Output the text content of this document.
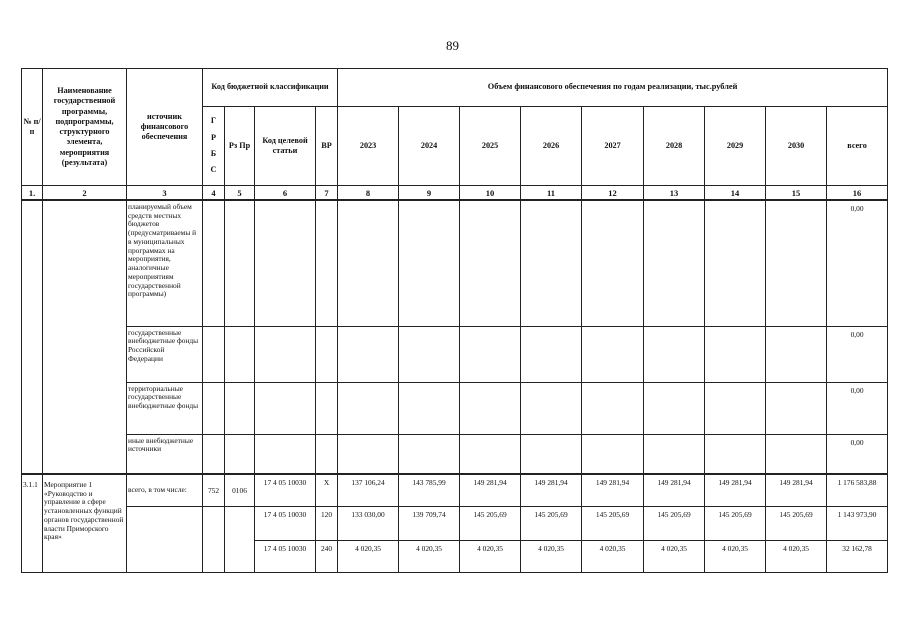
89
№ п/п	Наименование государственной программы, подпрограммы, структурного элемента, мероприятия (результата)	источник финансового обеспечения	Код бюджетной классификации				Объем финансового обеспечения по годам реализации, тыс.рублей								
			Г Р Б С	Рз Пр	Код целевой статьи	ВР	2023	2024	2025	2026	2027	2028	2029	2030	всего
1.	2	3	4	5	6	7	8	9	10	11	12	13	14	15	16
		планируемый объем средств местных бюджетов (предусматриваемы й в муниципальных программах на мероприятия, аналогичные мероприятиям государственной программы)													0,00
		государственные внебюджетные фонды Российской Федерации													0,00
		территориальные государственные внебюджетные фонды													0,00
		иные внебюджетные источники													0,00
3.1.1	Мероприятие 1 «Руководство и управление в сфере установленных функций органов государственной власти Приморского края»	всего, в том числе:	752	0106	17 4 05 10030	Х	137 106,24	143 785,99	149 281,94	149 281,94	149 281,94	149 281,94	149 281,94	149 281,94	1 176 583,88
					17 4 05 10030	120	133 030,00	139 709,74	145 205,69	145 205,69	145 205,69	145 205,69	145 205,69	145 205,69	1 143 973,90
					17 4 05 10030	240	4 020,35	4 020,35	4 020,35	4 020,35	4 020,35	4 020,35	4 020,35	4 020,35	32 162,78
